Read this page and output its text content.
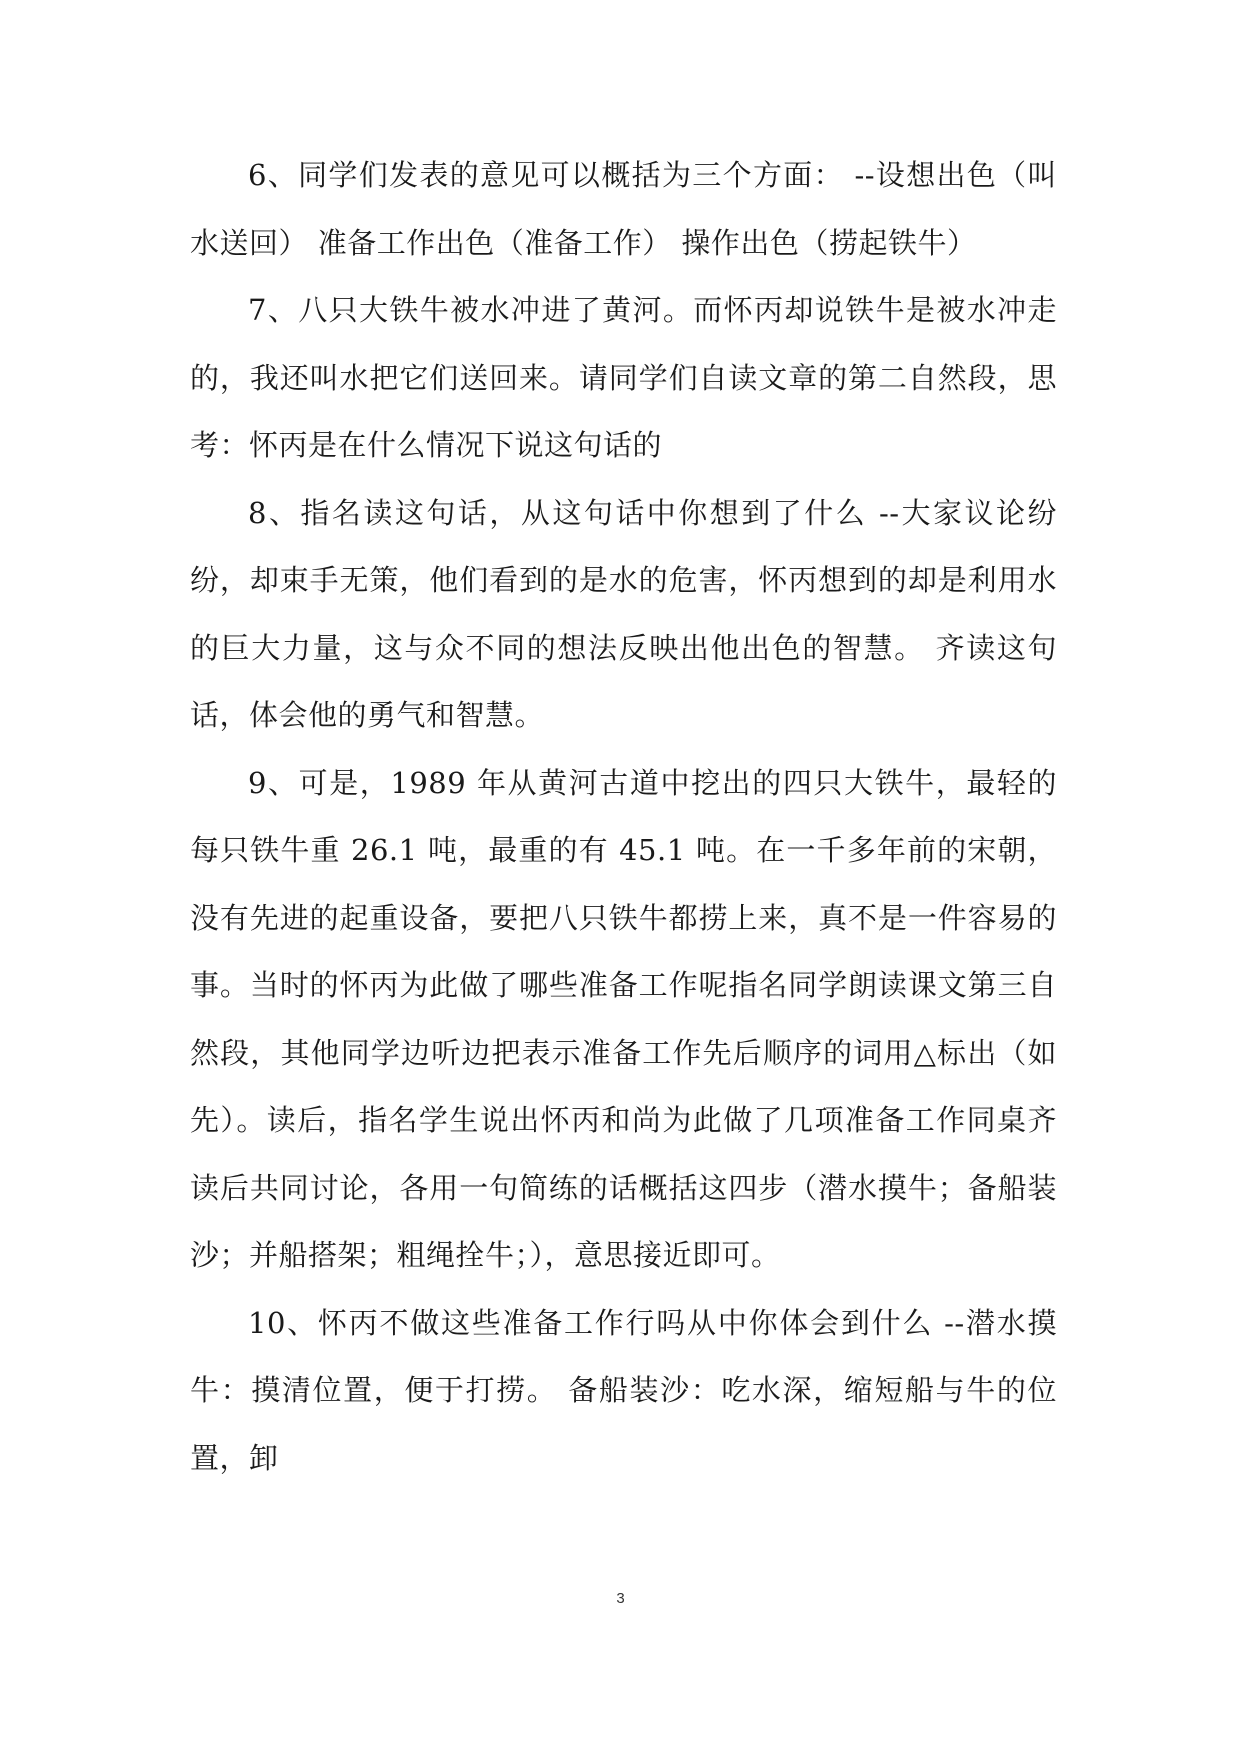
6、同学们发表的意见可以概括为三个方面： --设想出色（叫水送回） 准备工作出色（准备工作） 操作出色（捞起铁牛）

7、八只大铁牛被水冲进了黄河。而怀丙却说铁牛是被水冲走的，我还叫水把它们送回来。请同学们自读文章的第二自然段，思考：怀丙是在什么情况下说这句话的

8、指名读这句话，从这句话中你想到了什么 --大家议论纷纷，却束手无策，他们看到的是水的危害，怀丙想到的却是利用水的巨大力量，这与众不同的想法反映出他出色的智慧。 齐读这句话，体会他的勇气和智慧。

9、可是，1989 年从黄河古道中挖出的四只大铁牛，最轻的每只铁牛重 26.1 吨，最重的有 45.1 吨。在一千多年前的宋朝，没有先进的起重设备，要把八只铁牛都捞上来，真不是一件容易的事。当时的怀丙为此做了哪些准备工作呢指名同学朗读课文第三自然段，其他同学边听边把表示准备工作先后顺序的词用△标出（如先）。读后，指名学生说出怀丙和尚为此做了几项准备工作同桌齐读后共同讨论，各用一句简练的话概括这四步（潜水摸牛；备船装沙；并船搭架；粗绳拴牛；），意思接近即可。

10、怀丙不做这些准备工作行吗从中你体会到什么 --潜水摸牛：摸清位置，便于打捞。 备船装沙：吃水深，缩短船与牛的位置，卸

3
